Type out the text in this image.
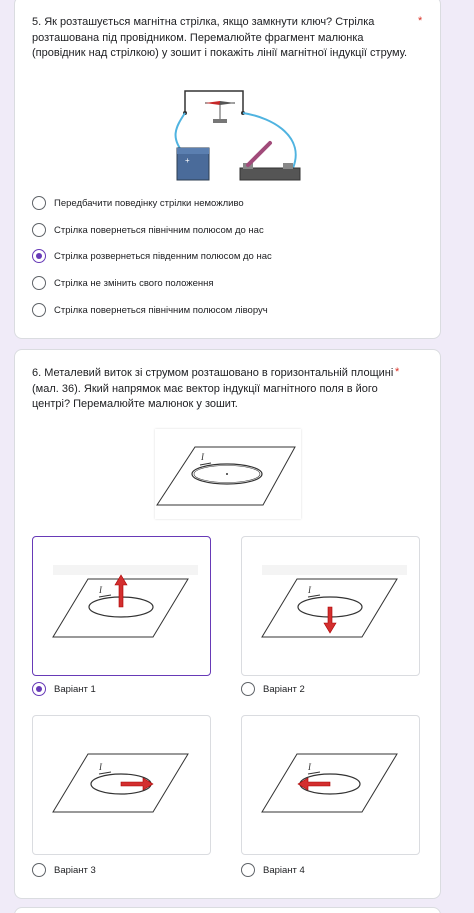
5. Як розташується магнітна стрілка, якщо замкнути ключ? Стрілка розташована під провідником. Перемалюйте фрагмент малюнка (провідник над стрілкою) у зошит і покажіть лінії магнітної індукції струму.
*
+
Передбачити поведінку стрілки неможливо
Стрілка повернеться північним полюсом до нас
Стрілка розвернеться південним полюсом до нас
Стрілка не змінить свого положення
Стрілка повернеться північним полюсом ліворуч
6. Металевий виток зі струмом розташовано в горизонтальній площині (мал. 36). Який напрямок має вектор індукції магнітного поля в його центрі? Перемалюйте малюнок у зошит.
*
I
I
Варіант 1
I
Варіант 2
I
Варіант 3
I
Варіант 4
